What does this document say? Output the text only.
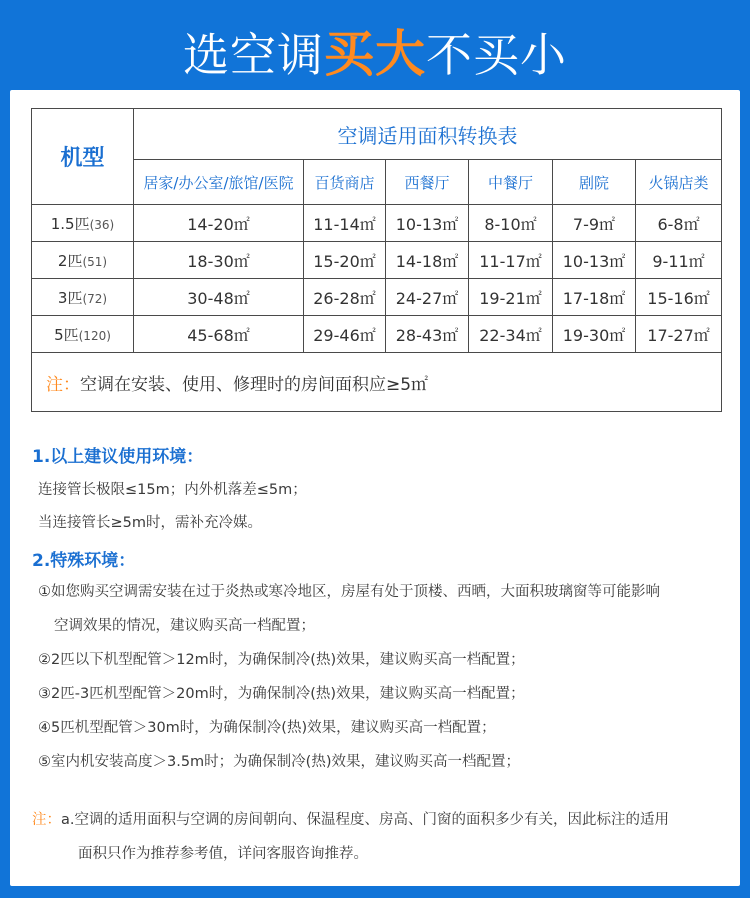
选空调买大不买小
机型	空调适用面积转换表					
	居家/办公室/旅馆/医院	百货商店	西餐厅	中餐厅	剧院	火锅店类
1.5匹(36)	14-20㎡	11-14㎡	10-13㎡	8-10㎡	7-9㎡	6-8㎡
2匹(51)	18-30㎡	15-20㎡	14-18㎡	11-17㎡	10-13㎡	9-11㎡
3匹(72)	30-48㎡	26-28㎡	24-27㎡	19-21㎡	17-18㎡	15-16㎡
5匹(120)	45-68㎡	29-46㎡	28-43㎡	22-34㎡	19-30㎡	17-27㎡
注：空调在安装、使用、修理时的房间面积应≥5㎡						
1.以上建议使用环境：
连接管长极限≤15m；内外机落差≤5m；
当连接管长≥5m时，需补充冷媒。
2.特殊环境：
①如您购买空调需安装在过于炎热或寒冷地区，房屋有处于顶楼、西晒，大面积玻璃窗等可能影响
空调效果的情况，建议购买高一档配置；
②2匹以下机型配管＞12m时，为确保制冷(热)效果，建议购买高一档配置；
③2匹-3匹机型配管＞20m时，为确保制冷(热)效果，建议购买高一档配置；
④5匹机型配管＞30m时，为确保制冷(热)效果，建议购买高一档配置；
⑤室内机安装高度＞3.5m时；为确保制冷(热)效果，建议购买高一档配置；
注：a.空调的适用面积与空调的房间朝向、保温程度、房高、门窗的面积多少有关，因此标注的适用
面积只作为推荐参考值，详问客服咨询推荐。
